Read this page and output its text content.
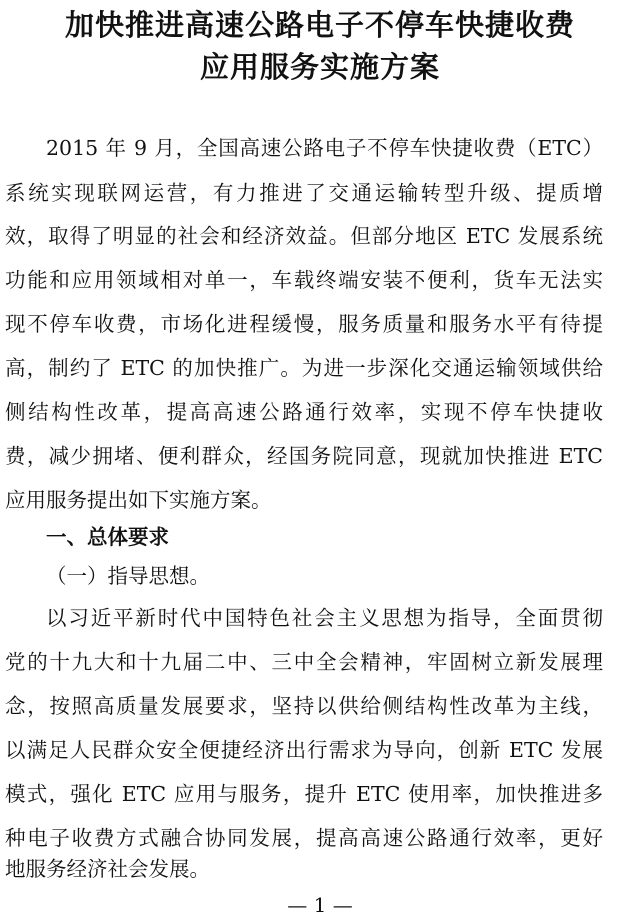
加快推进高速公路电子不停车快捷收费
应用服务实施方案
2015 年 9 月，全国高速公路电子不停车快捷收费（ETC）
系统实现联网运营，有力推进了交通运输转型升级、提质增
效，取得了明显的社会和经济效益。但部分地区 ETC 发展系统
功能和应用领域相对单一，车载终端安装不便利，货车无法实
现不停车收费，市场化进程缓慢，服务质量和服务水平有待提
高，制约了 ETC 的加快推广。为进一步深化交通运输领域供给
侧结构性改革，提高高速公路通行效率，实现不停车快捷收
费，减少拥堵、便利群众，经国务院同意，现就加快推进 ETC
应用服务提出如下实施方案。
一、总体要求
（一）指导思想。
以习近平新时代中国特色社会主义思想为指导，全面贯彻
党的十九大和十九届二中、三中全会精神，牢固树立新发展理
念，按照高质量发展要求，坚持以供给侧结构性改革为主线，
以满足人民群众安全便捷经济出行需求为导向，创新 ETC 发展
模式，强化 ETC 应用与服务，提升 ETC 使用率，加快推进多
种电子收费方式融合协同发展，提高高速公路通行效率，更好
地服务经济社会发展。
— 1 —
